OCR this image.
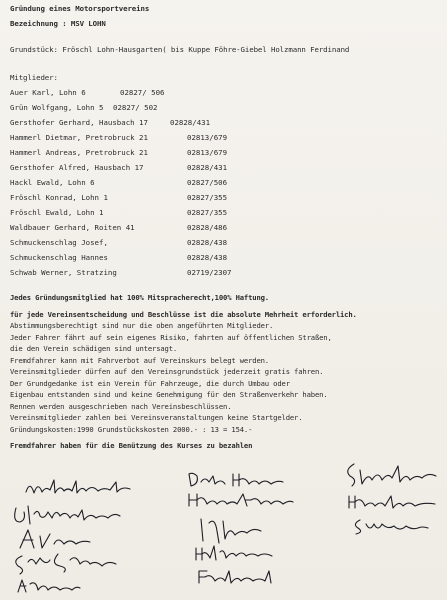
Gründung eines Motorsportvereins
Bezeichnung : MSV LOHN
Grundstück: Fröschl Lohn-Hausgarten( bis Kuppe Föhre-Giebel Holzmann Ferdinand
Mitglieder:
Auer Karl, Lohn 6	02827/ 506
Grün Wolfgang, Lohn 5 02827/ 502
Gersthofer Gerhard, Hausbach 17	02828/431
Hammerl Dietmar, Pretrobruck 21	02813/679
Hammerl Andreas, Pretrobruck 21	02813/679
Gersthofer Alfred, Hausbach 17	02828/431
Hackl Ewald, Lohn 6	02827/506
Fröschl Konrad, Lohn 1	02827/355
Fröschl Ewald, Lohn 1	02827/355
Waldbauer Gerhard, Roiten 41	02828/486
Schmuckenschlag Josef,	02828/438
Schmuckenschlag Hannes	02828/438
Schwab Werner, Stratzing	02719/2307
Jedes Gründungsmitglied hat 100% Mitspracherecht,100% Haftung.
für jede Vereinsentscheidung und Beschlüsse ist die absolute Mehrheit erforderlich.
Abstimmungsberechtigt sind nur die oben angeführten Mitglieder.
Jeder Fahrer fährt auf sein eigenes Risiko, fahrten auf öffentlichen Straßen,
die den Verein schädigen sind untersagt.
Fremdfahrer kann mit Fahrverbot auf Vereinskurs belegt werden.
Vereinsmitglieder dürfen auf den Vereinsgrundstück jederzeit gratis fahren.
Der Grundgedanke ist ein Verein für Fahrzeuge, die durch Umbau oder
Eigenbau entstanden sind und keine Genehmigung für den Straßenverkehr haben.
Rennen werden ausgeschrieben nach Vereinsbeschlüssen.
Vereinsmitglieder zahlen bei Vereinsveranstaltungen keine Startgelder.
Gründungskosten:1990 Grundstückskosten 2000.- : 13 = 154.-
Fremdfahrer haben für die Benützung des Kurses zu bezahlen
